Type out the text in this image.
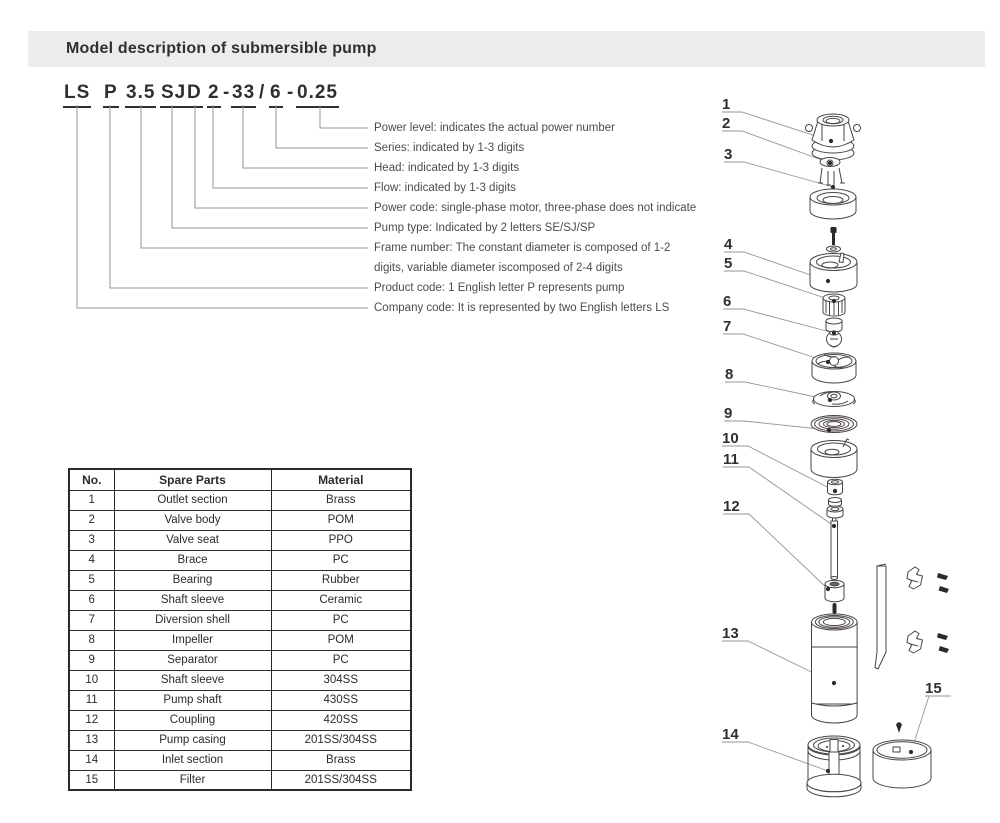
Model description of submersible pump
LS P 3.5 SJ D 2 - 33 / 6 - 0.25
Power level: indicates the actual power number
Series: indicated by 1-3 digits
Head: indicated by 1-3 digits
Flow: indicated by 1-3 digits
Power code: single-phase motor, three-phase does not indicate
Pump type: Indicated by 2 letters SE/SJ/SP
Frame number: The constant diameter is composed of 1-2
digits, variable diameter iscomposed of 2-4 digits
Product code: 1 English letter P represents pump
Company code: It is represented by two English letters LS
No.	Spare Parts	Material
1	Outlet section	Brass
2	Valve body	POM
3	Valve seat	PPO
4	Brace	PC
5	Bearing	Rubber
6	Shaft sleeve	Ceramic
7	Diversion shell	PC
8	Impeller	POM
9	Separator	PC
10	Shaft sleeve	304SS
11	Pump shaft	430SS
12	Coupling	420SS
13	Pump casing	201SS/304SS
14	Inlet section	Brass
15	Filter	201SS/304SS
1
2
3
4
5
6
7
8
9
10
11
12
13
14
15
